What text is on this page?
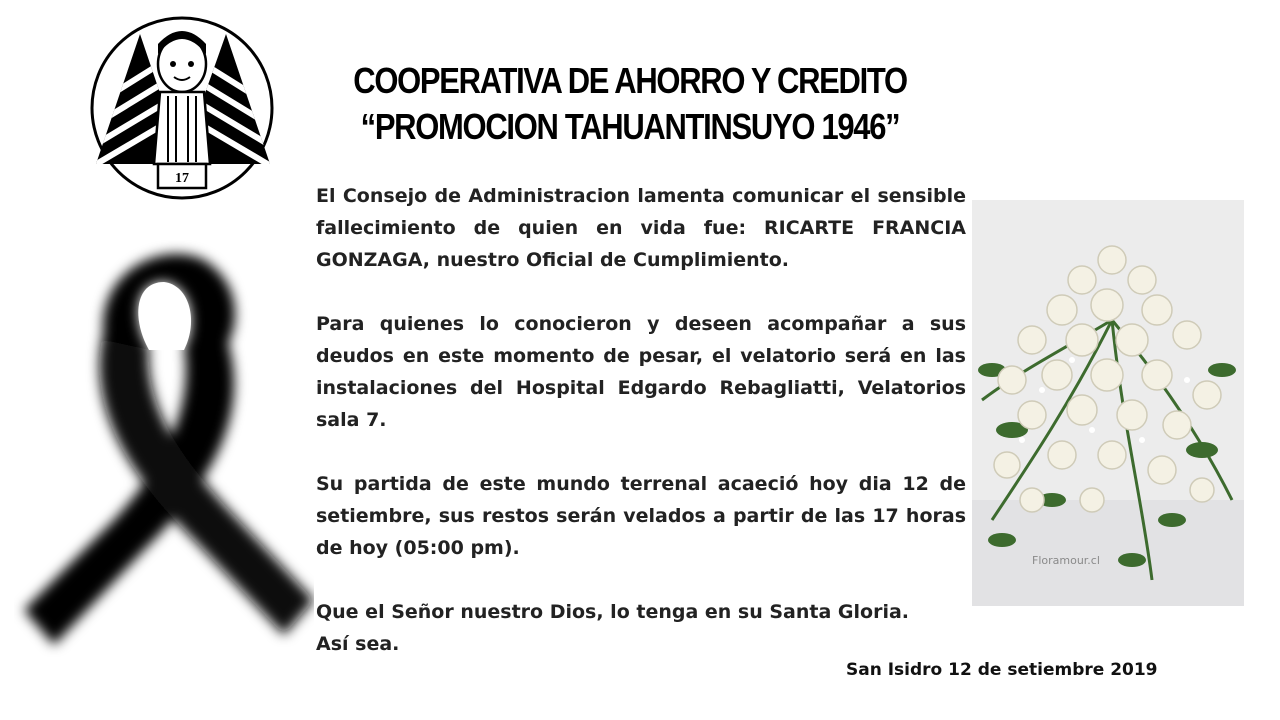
17
COOPERATIVA DE AHORRO Y CREDITO
“PROMOCION TAHUANTINSUYO 1946”
Floramour.cl

El Consejo de Administracion lamenta comunicar el sensible fallecimiento de quien en vida fue: RICARTE FRANCIA GONZAGA, nuestro Oficial de Cumplimiento.

Para quienes lo conocieron y deseen acompañar a sus deudos en este momento de pesar, el velatorio será en las instalaciones del Hospital Edgardo Rebagliatti, Velatorios sala 7.

Su partida de este mundo terrenal acaeció hoy dia 12 de setiembre, sus restos serán velados a partir de las 17 horas de hoy (05:00 pm).

Que el Señor nuestro Dios, lo tenga en su Santa Gloria.
Así sea.
San Isidro 12 de setiembre 2019
